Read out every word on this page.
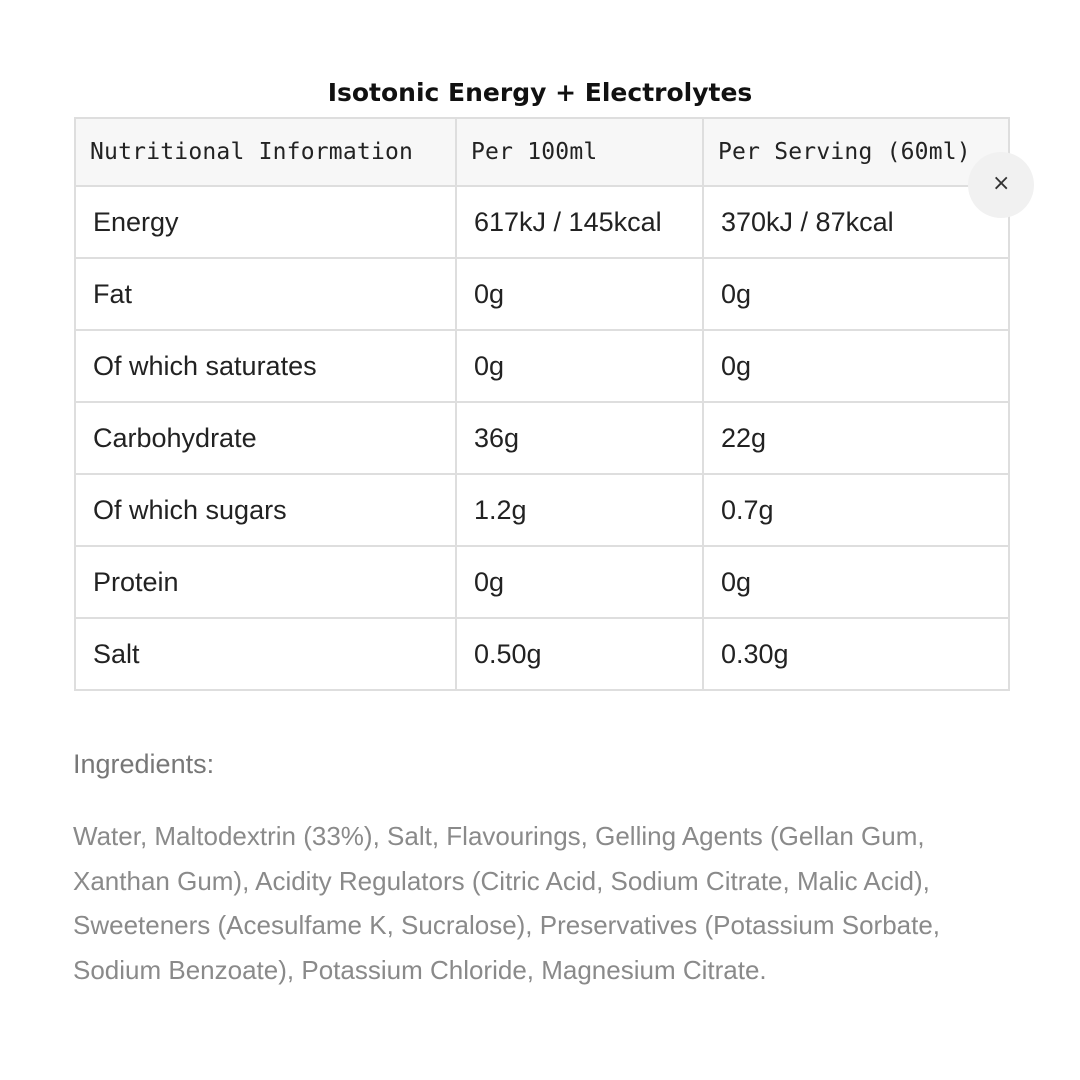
Isotonic Energy + Electrolytes
Nutritional Information	Per 100ml	Per Serving (60ml)
Energy	617kJ / 145kcal	370kJ / 87kcal
Fat	0g	0g
Of which saturates	0g	0g
Carbohydrate	36g	22g
Of which sugars	1.2g	0.7g
Protein	0g	0g
Salt	0.50g	0.30g
×
Ingredients:
Water, Maltodextrin (33%), Salt, Flavourings, Gelling Agents (Gellan Gum, Xanthan Gum), Acidity Regulators (Citric Acid, Sodium Citrate, Malic Acid), Sweeteners (Acesulfame K, Sucralose), Preservatives (Potassium Sorbate, Sodium Benzoate), Potassium Chloride, Magnesium Citrate.
